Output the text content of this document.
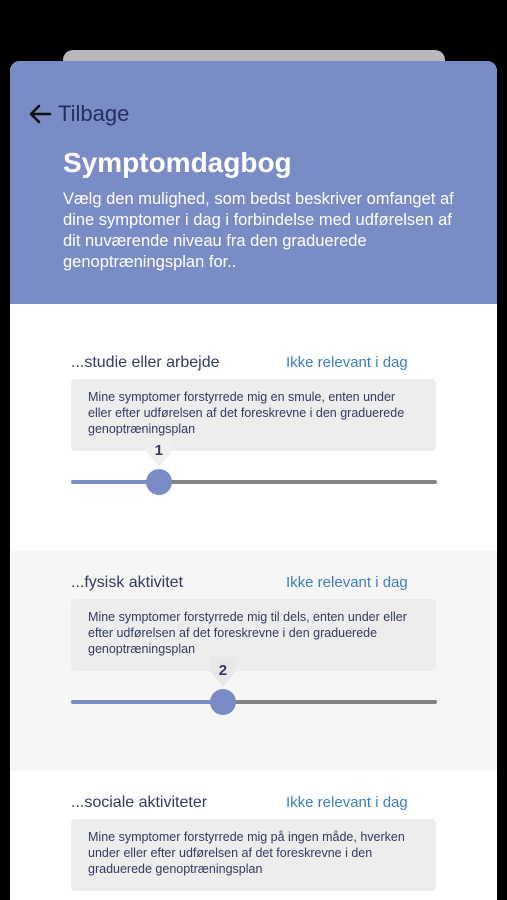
Tilbage
Symptomdagbog

Vælg den mulighed, som bedst beskriver omfanget af dine symptomer i dag i forbindelse med udførelsen af dit nuværende niveau fra den graduerede genoptræningsplan for..

...studie eller arbejde	Ikke relevant i dag
Mine symptomer forstyrrede mig en smule, enten under eller efter udførelsen af det foreskrevne i den graduerede genoptræningsplan
1
...fysisk aktivitet	Ikke relevant i dag
Mine symptomer forstyrrede mig til dels, enten under eller efter udførelsen af det foreskrevne i den graduerede genoptræningsplan
2
...sociale aktiviteter	Ikke relevant i dag
Mine symptomer forstyrrede mig på ingen måde, hverken under eller efter udførelsen af det foreskrevne i den graduerede genoptræningsplan
